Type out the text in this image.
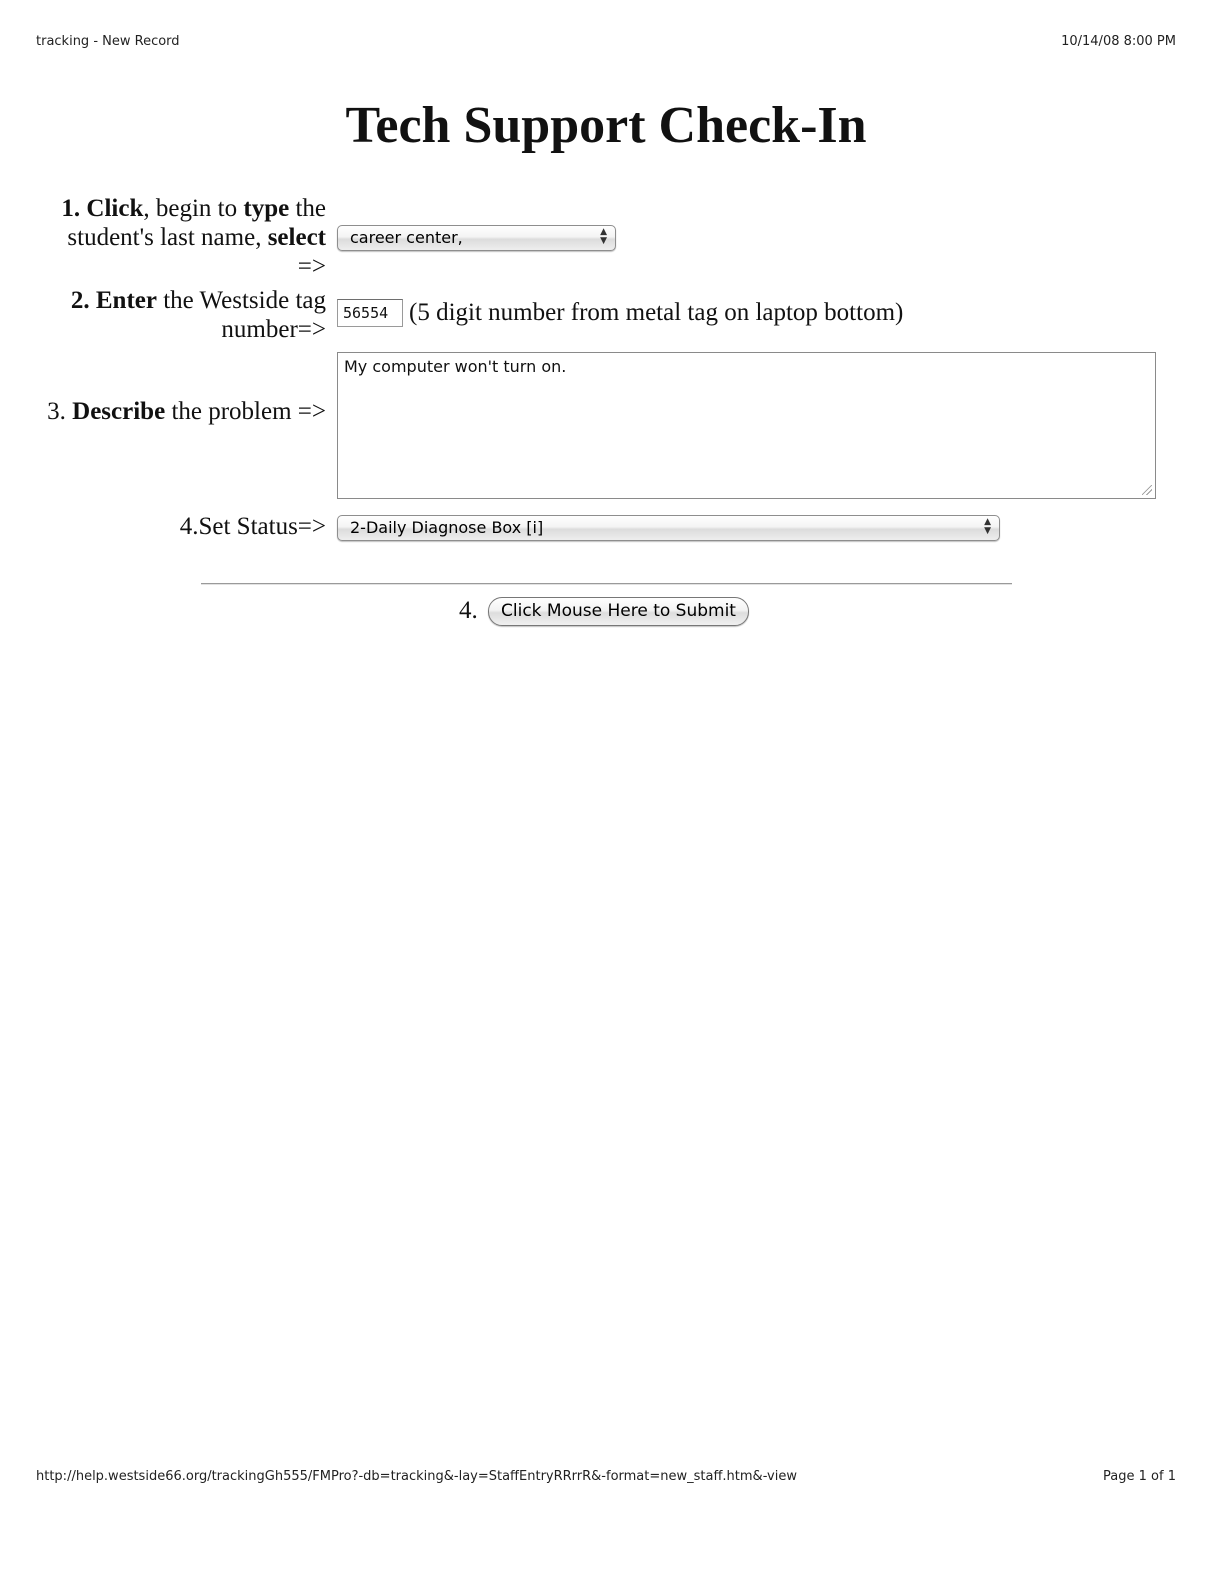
tracking - New Record	10/14/08 8:00 PM
Tech Support Check-In
1. Click, begin to type the student's last name, select
=>
career center,	▲
▼
2. Enter the Westside tag number=>
56554 (5 digit number from metal tag on laptop bottom)
3. Describe the problem =>
My computer won't turn on.
4.Set Status=>	2-Daily Diagnose Box [i]	▲
▼
4.	Click Mouse Here to Submit
http://help.westside66.org/trackingGh555/FMPro?-db=tracking&-lay=StaffEntryRRrrR&-format=new_staff.htm&-view	Page 1 of 1
